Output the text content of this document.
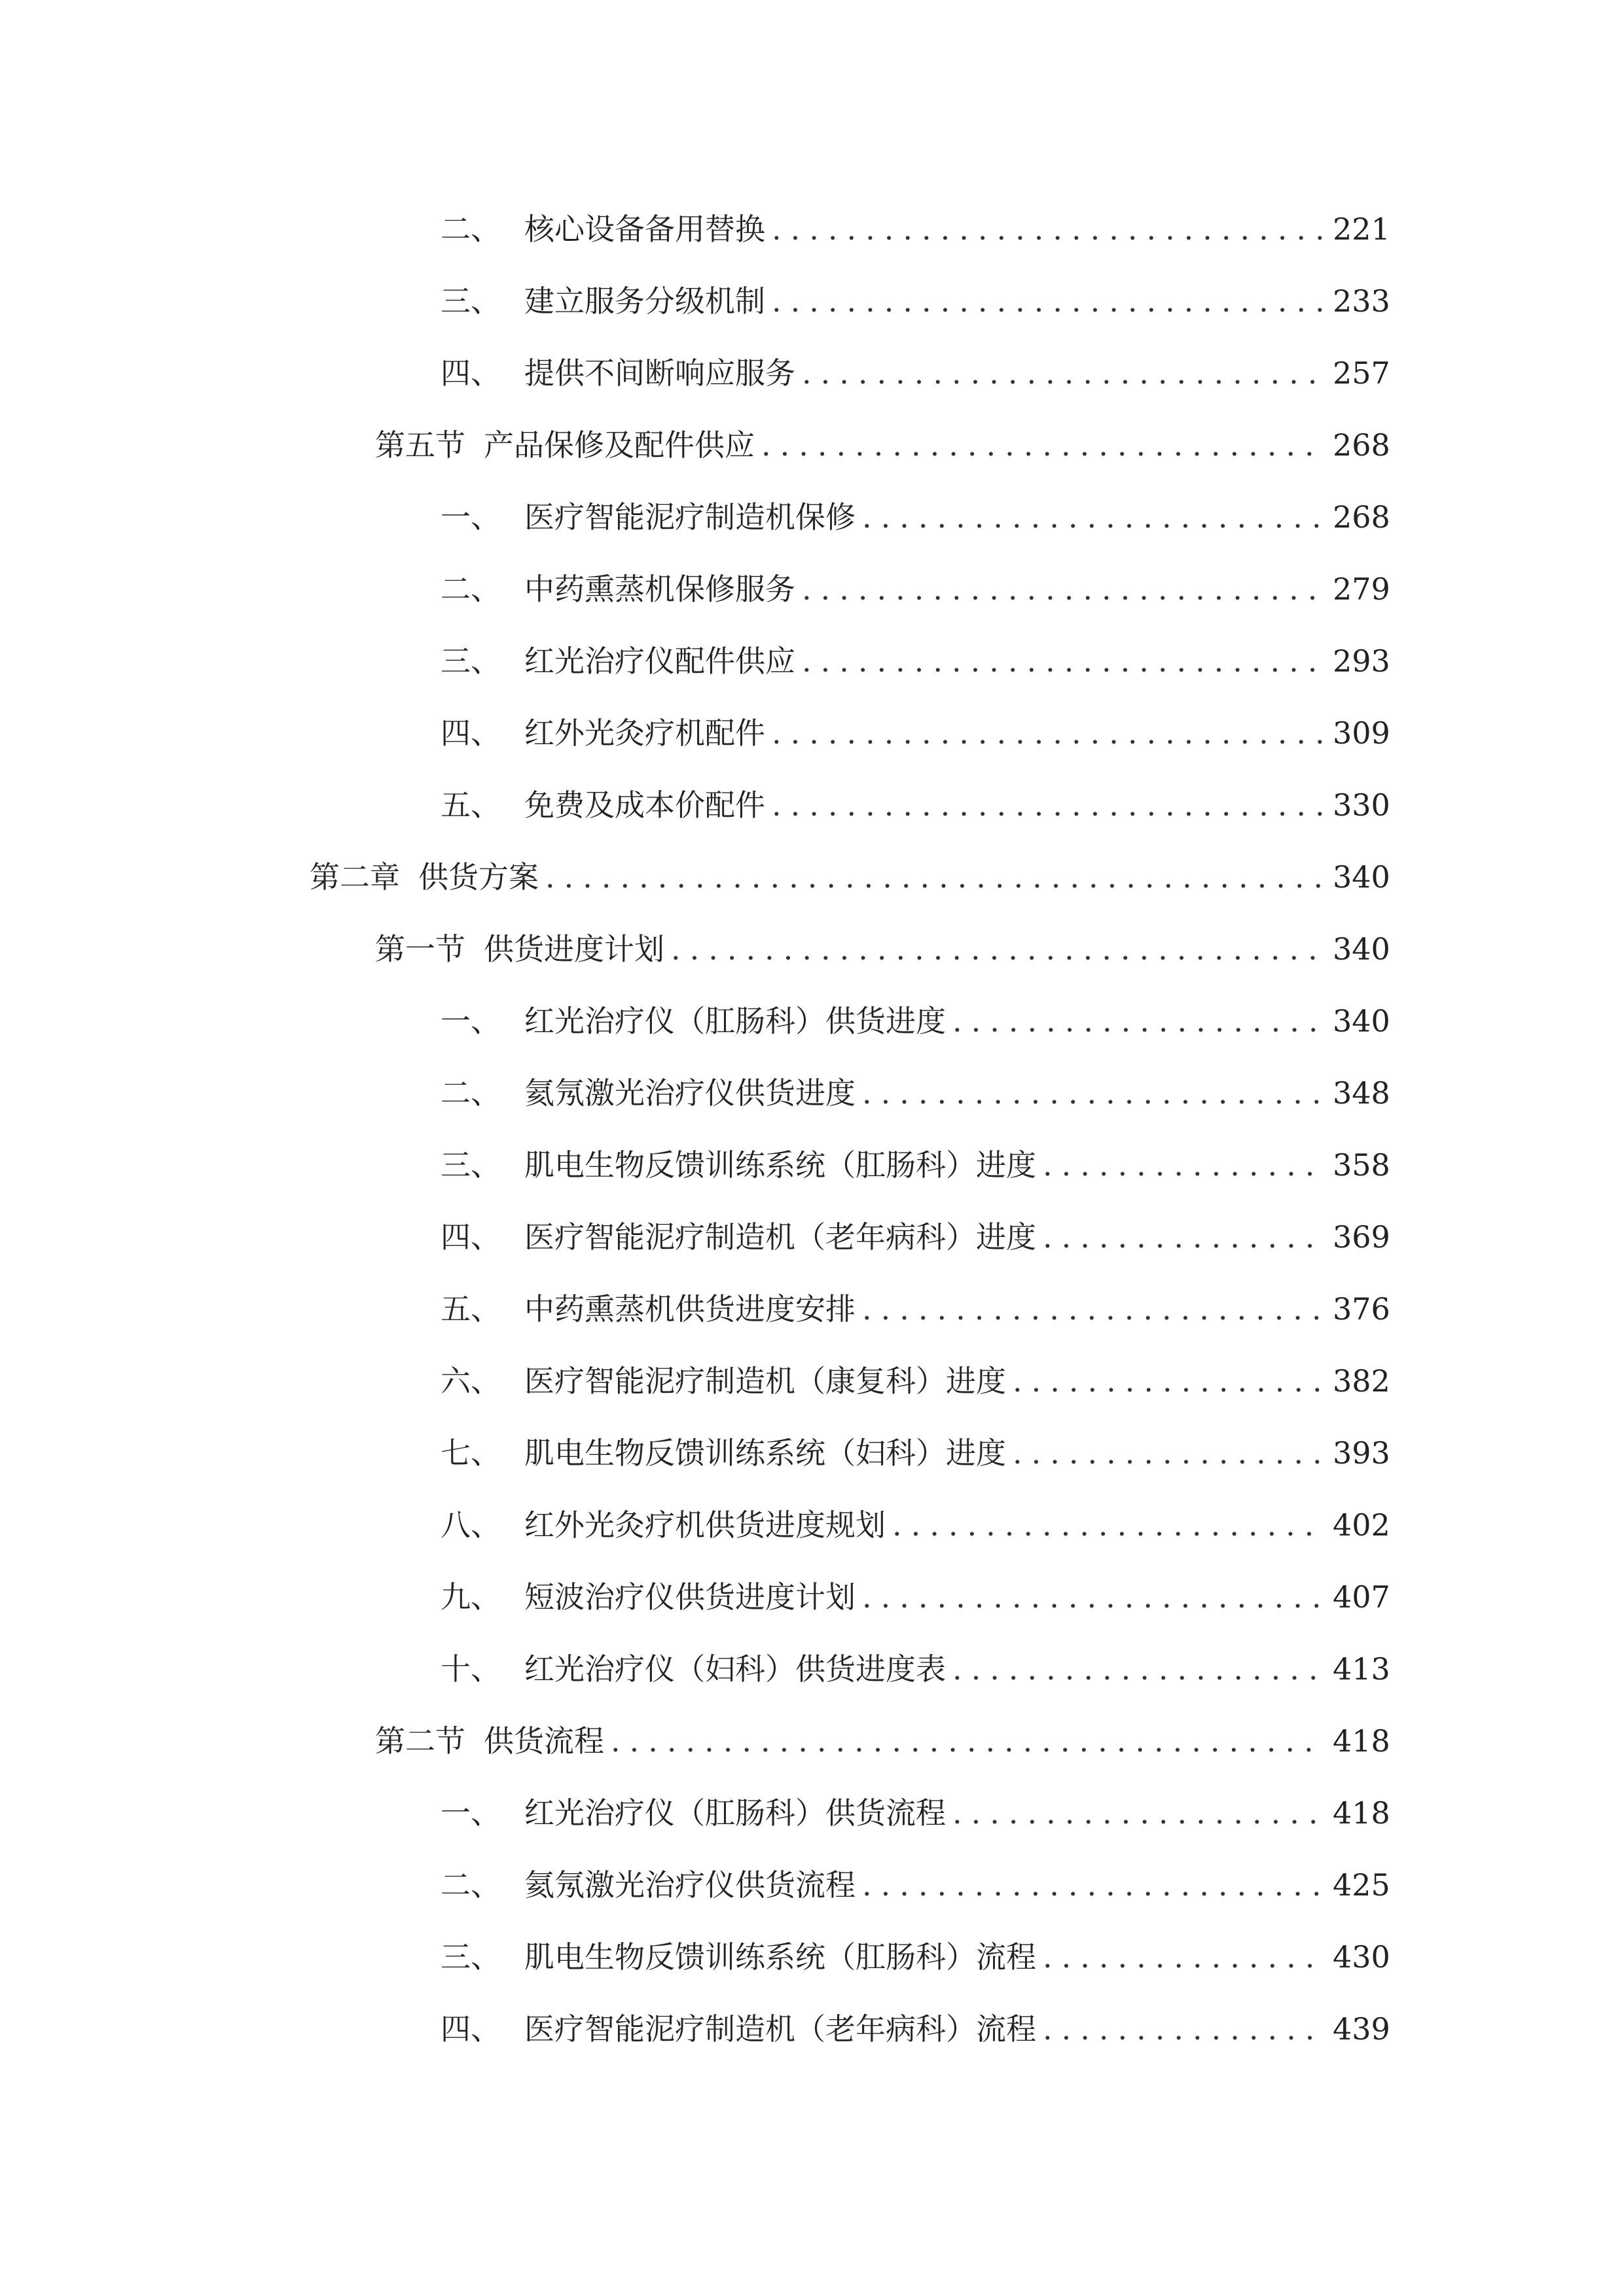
二、 核心设备备用替换 .....	221
三、 建立服务分级机制 .....	233
四、 提供不间断响应服务 .....	257
第五节 产品保修及配件供应 .....	268
一、 医疗智能泥疗制造机保修 .....	268
二、 中药熏蒸机保修服务 .....	279
三、 红光治疗仪配件供应 .....	293
四、 红外光灸疗机配件 .....	309
五、 免费及成本价配件 .....	330
第二章 供货方案 .....	340
第一节 供货进度计划 .....	340
一、 红光治疗仪（肛肠科）供货进度 .....	340
二、 氦氖激光治疗仪供货进度 .....	348
三、 肌电生物反馈训练系统（肛肠科）进度 .....	358
四、 医疗智能泥疗制造机（老年病科）进度 .....	369
五、 中药熏蒸机供货进度安排 .....	376
六、 医疗智能泥疗制造机（康复科）进度 .....	382
七、 肌电生物反馈训练系统（妇科）进度 .....	393
八、 红外光灸疗机供货进度规划 .....	402
九、 短波治疗仪供货进度计划 .....	407
十、 红光治疗仪（妇科）供货进度表 .....	413
第二节 供货流程 .....	418
一、 红光治疗仪（肛肠科）供货流程 .....	418
二、 氦氖激光治疗仪供货流程 .....	425
三、 肌电生物反馈训练系统（肛肠科）流程 .....	430
四、 医疗智能泥疗制造机（老年病科）流程 .....	439
